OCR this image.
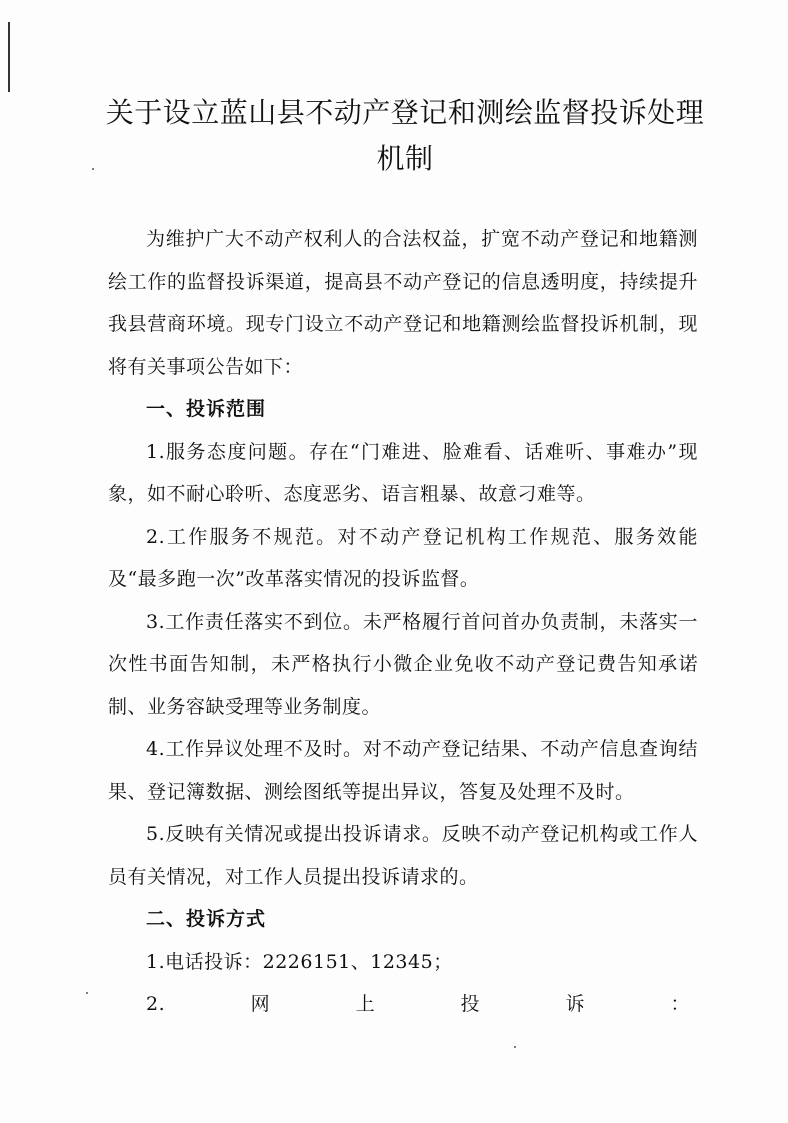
关于设立蓝山县不动产登记和测绘监督投诉处理机制

为维护广大不动产权利人的合法权益，扩宽不动产登记和地籍测绘工作的监督投诉渠道，提高县不动产登记的信息透明度，持续提升我县营商环境。现专门设立不动产登记和地籍测绘监督投诉机制，现将有关事项公告如下：

一、投诉范围

1.服务态度问题。存在“门难进、脸难看、话难听、事难办”现象，如不耐心聆听、态度恶劣、语言粗暴、故意刁难等。

2.工作服务不规范。对不动产登记机构工作规范、服务效能及“最多跑一次”改革落实情况的投诉监督。

3.工作责任落实不到位。未严格履行首问首办负责制，未落实一次性书面告知制，未严格执行小微企业免收不动产登记费告知承诺制、业务容缺受理等业务制度。

4.工作异议处理不及时。对不动产登记结果、不动产信息查询结果、登记簿数据、测绘图纸等提出异议，答复及处理不及时。

5.反映有关情况或提出投诉请求。反映不动产登记机构或工作人员有关情况，对工作人员提出投诉请求的。

二、投诉方式

1.电话投诉：2226151、12345；

2.	网	上	投	诉	：
